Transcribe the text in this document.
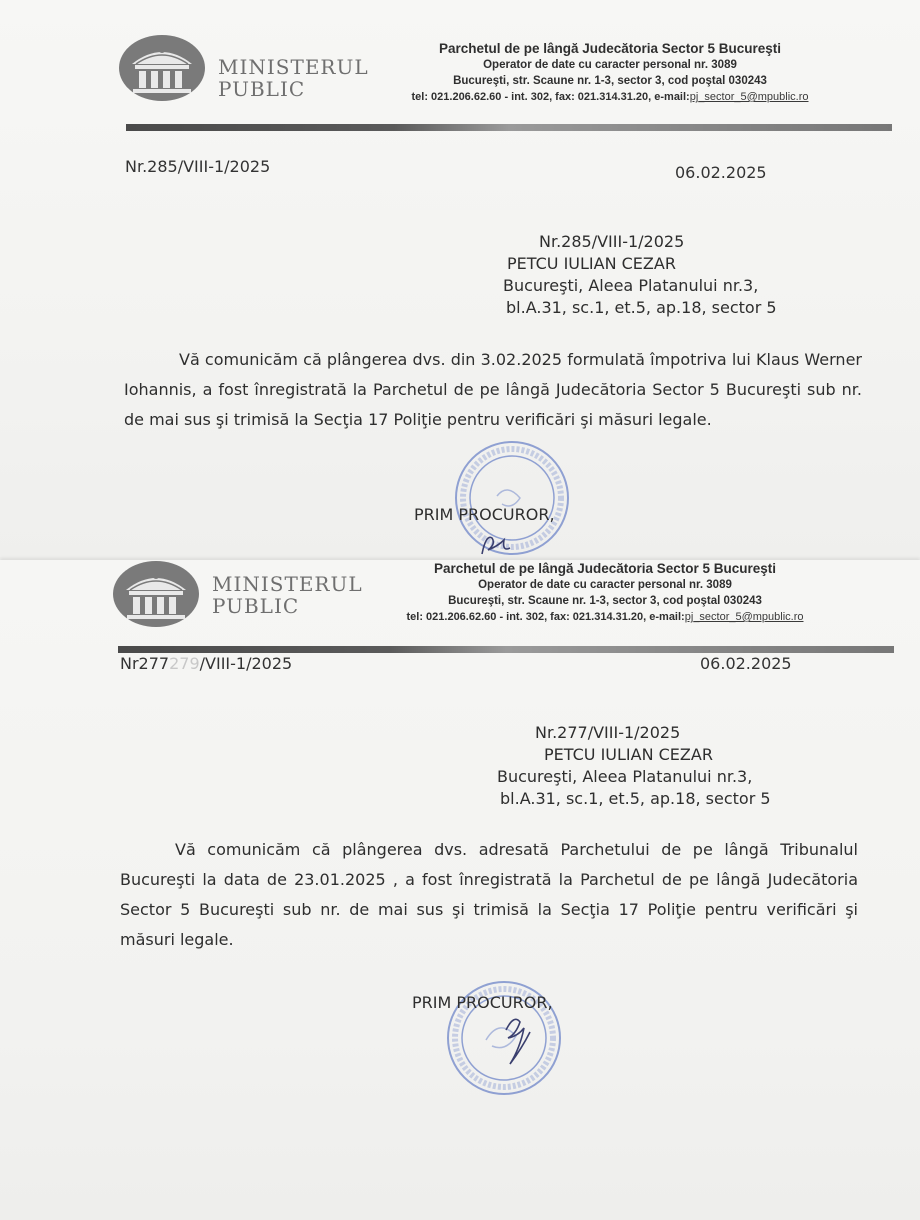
MINISTERUL
PUBLIC
Parchetul de pe lângă Judecătoria Sector 5 Bucureşti
Operator de date cu caracter personal nr. 3089
Bucureşti, str. Scaune nr. 1-3, sector 3, cod poştal 030243
tel: 021.206.62.60 - int. 302, fax: 021.314.31.20, e-mail:pj_sector_5@mpublic.ro
Nr.285/VIII-1/2025	06.02.2025
Nr.285/VIII-1/2025
PETCU IULIAN CEZAR
Bucureşti, Aleea Platanului nr.3,
bl.A.31, sc.1, et.5, ap.18, sector 5

Vă comunicăm că plângerea dvs. din 3.02.2025 formulată împotriva lui Klaus Werner Iohannis, a fost înregistrată la Parchetul de pe lângă Judecătoria Sector 5 Bucureşti sub nr. de mai sus şi trimisă la Secţia 17 Poliţie pentru verificări şi măsuri legale.

PRIM PROCUROR,
MINISTERUL
PUBLIC
Parchetul de pe lângă Judecătoria Sector 5 Bucureşti
Operator de date cu caracter personal nr. 3089
Bucureşti, str. Scaune nr. 1-3, sector 3, cod poştal 030243
tel: 021.206.62.60 - int. 302, fax: 021.314.31.20, e-mail:pj_sector_5@mpublic.ro
Nr277279/VIII-1/2025	06.02.2025
Nr.277/VIII-1/2025
PETCU IULIAN CEZAR
Bucureşti, Aleea Platanului nr.3,
bl.A.31, sc.1, et.5, ap.18, sector 5

Vă comunicăm că plângerea dvs. adresată Parchetului de pe lângă Tribunalul Bucureşti la data de 23.01.2025 , a fost înregistrată la Parchetul de pe lângă Judecătoria Sector 5 Bucureşti sub nr. de mai sus şi trimisă la Secţia 17 Poliţie pentru verificări şi măsuri legale.

PRIM PROCUROR,
